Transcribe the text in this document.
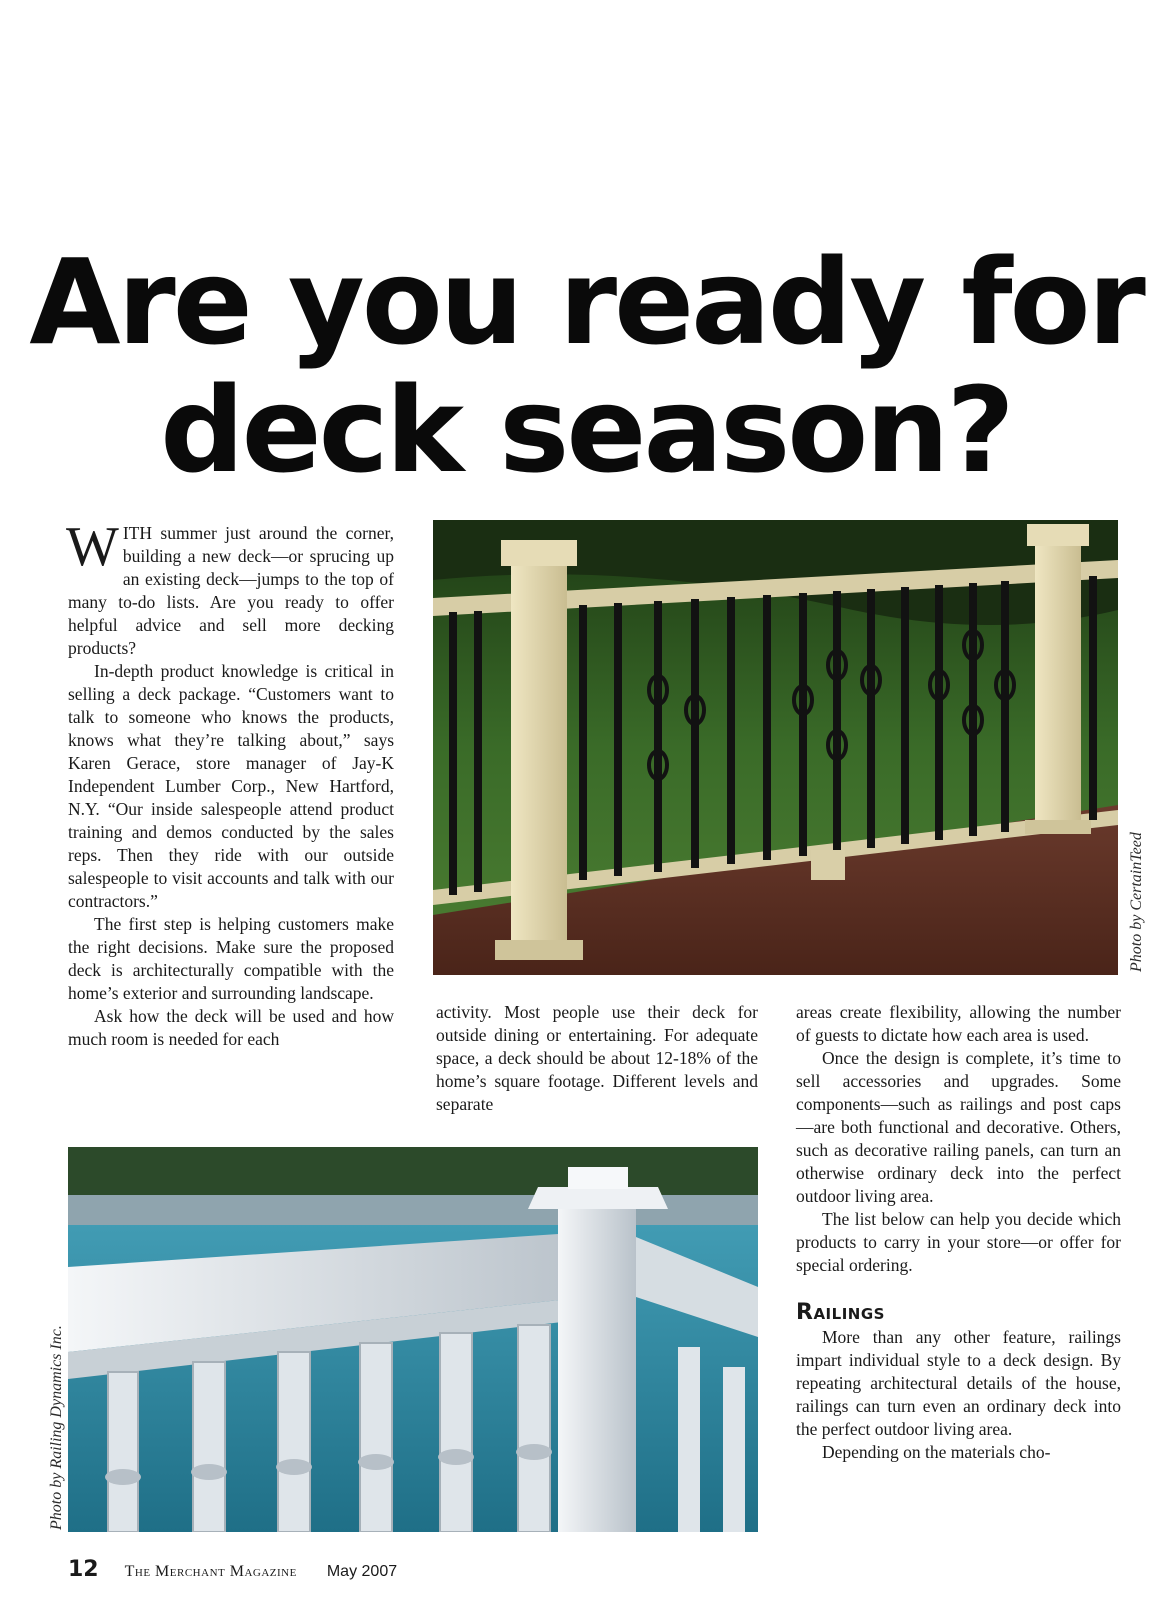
Are you ready for
deck season?

WITH summer just around the corner, building a new deck—or sprucing up an existing deck—jumps to the top of many to-do lists. Are you ready to offer helpful advice and sell more decking products?

In-depth product knowledge is critical in selling a deck package. “Customers want to talk to someone who knows the products, knows what they’re talking about,” says Karen Gerace, store manager of Jay-K Independent Lumber Corp., New Hartford, N.Y. “Our inside salespeople attend product training and demos conducted by the sales reps. Then they ride with our outside salespeople to visit accounts and talk with our contractors.”

The first step is helping customers make the right decisions. Make sure the proposed deck is architecturally compatible with the home’s exterior and surrounding landscape.

Ask how the deck will be used and how much room is needed for each

activity. Most people use their deck for outside dining or entertaining. For adequate space, a deck should be about 12-18% of the home’s square footage. Different levels and separate

areas create flexibility, allowing the number of guests to dictate how each area is used.

Once the design is complete, it’s time to sell accessories and upgrades. Some components—such as railings and post caps—are both functional and decorative. Others, such as decorative railing panels, can turn an otherwise ordinary deck into the perfect outdoor living area.

The list below can help you decide which products to carry in your store—or offer for special ordering.

Railings

More than any other feature, railings impart individual style to a deck design. By repeating architectural details of the house, railings can turn even an ordinary deck into the perfect outdoor living area.

Depending on the materials cho-

Photo by CertainTeed
Photo by Railing Dynamics Inc.
12 The Merchant Magazine May 2007
